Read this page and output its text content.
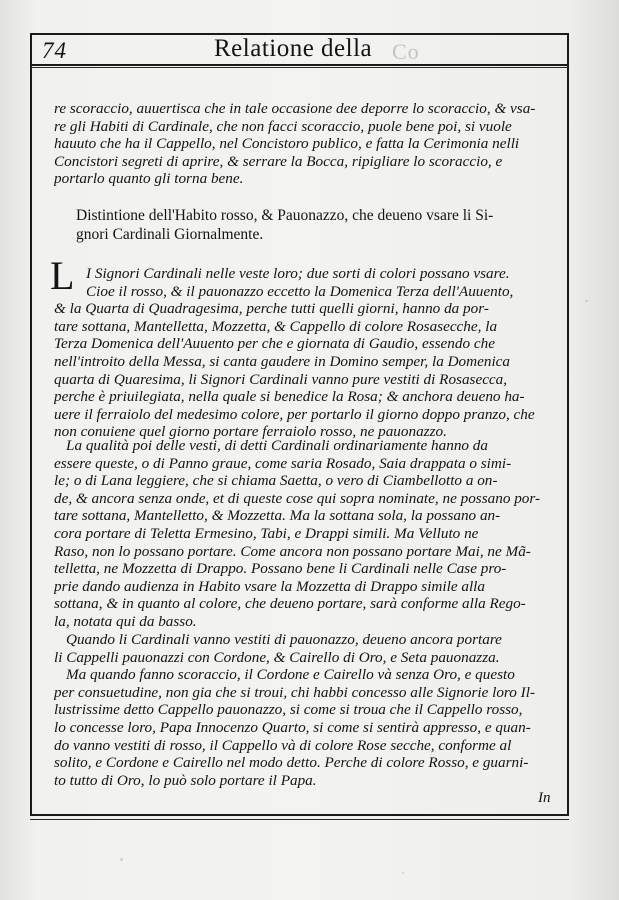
74	Relatione della Co
re scoraccio, auuertisca che in tale occasione dee deporre lo scoraccio, & vsa-
re gli Habiti di Cardinale, che non facci scoraccio, puole bene poi, si vuole
hauuto che ha il Cappello, nel Concistoro publico, e fatta la Cerimonia nelli
Concistori segreti di aprire, & serrare la Bocca, ripigliare lo scoraccio, e
portarlo quanto gli torna bene.
Distintione dell'Habito rosso, & Pauonazzo, che deueno vsare li Si-
gnori Cardinali Giornalmente.
L I Signori Cardinali nelle veste loro; due sorti di colori possano vsare.
Cioe il rosso, & il pauonazzo eccetto la Domenica Terza dell'Auuento,
& la Quarta di Quadragesima, perche tutti quelli giorni, hanno da por-
tare sottana, Mantelletta, Mozzetta, & Cappello di colore Rosasecche, la
Terza Domenica dell'Auuento per che e giornata di Gaudio, essendo che
nell'introito della Messa, si canta gaudere in Domino semper, la Domenica
quarta di Quaresima, li Signori Cardinali vanno pure vestiti di Rosasecca,
perche è priuilegiata, nella quale si benedice la Rosa; & anchora deueno ha-
uere il ferraiolo del medesimo colore, per portarlo il giorno doppo pranzo, che
non conuiene quel giorno portare ferraiolo rosso, ne pauonazzo.
La qualità poi delle vesti, di detti Cardinali ordinariamente hanno da
essere queste, o di Panno graue, come saria Rosado, Saia drappata o simi-
le; o di Lana leggiere, che si chiama Saetta, o vero di Ciambellotto a on-
de, & ancora senza onde, et di queste cose qui sopra nominate, ne possano por-
tare sottana, Mantelletto, & Mozzetta. Ma la sottana sola, la possano an-
cora portare di Teletta Ermesino, Tabi, e Drappi simili. Ma Velluto ne
Raso, non lo possano portare. Come ancora non possano portare Mai, ne Mã-
telletta, ne Mozzetta di Drappo. Possano bene li Cardinali nelle Case pro-
prie dando audienza in Habito vsare la Mozzetta di Drappo simile alla
sottana, & in quanto al colore, che deueno portare, sarà conforme alla Rego-
la, notata qui da basso.
Quando li Cardinali vanno vestiti di pauonazzo, deueno ancora portare
li Cappelli pauonazzi con Cordone, & Cairello di Oro, e Seta pauonazza.
Ma quando fanno scoraccio, il Cordone e Cairello và senza Oro, e questo
per consuetudine, non gia che si troui, chi habbi concesso alle Signorie loro Il-
lustrissime detto Cappello pauonazzo, si come si troua che il Cappello rosso,
lo concesse loro, Papa Innocenzo Quarto, si come si sentirà appresso, e quan-
do vanno vestiti di rosso, il Cappello và di colore Rose secche, conforme al
solito, e Cordone e Cairello nel modo detto. Perche di colore Rosso, e guarni-
to tutto di Oro, lo può solo portare il Papa.
In
